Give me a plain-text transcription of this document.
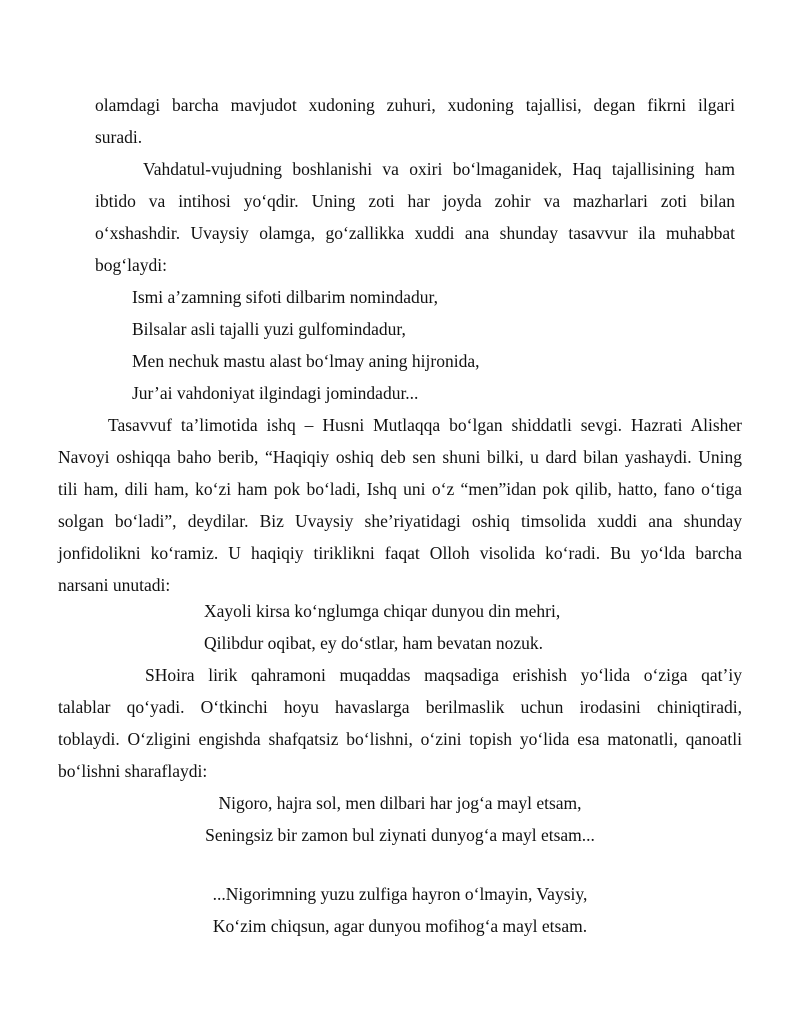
olamdagi barcha mavjudot xudoning zuhuri, xudoning tajallisi, degan fikrni ilgari
suradi.
Vahdatul-vujudning boshlanishi va oxiri bo‘lmaganidek, Haq tajallisining ham
ibtido va intihosi yo‘qdir. Uning zoti har joyda zohir va mazharlari zoti bilan
o‘xshashdir. Uvaysiy olamga, go‘zallikka xuddi ana shunday tasavvur ila muhabbat
bog‘laydi:
Ismi a’zamning sifoti dilbarim nomindadur,
Bilsalar asli tajalli yuzi gulfomindadur,
Men nechuk mastu alast bo‘lmay aning hijronida,
Jur’ai vahdoniyat ilgindagi jomindadur...
Tasavvuf ta’limotida ishq – Husni Mutlaqqa bo‘lgan shiddatli sevgi. Hazrati Alisher
Navoyi oshiqqa baho berib, “Haqiqiy oshiq deb sen shuni bilki, u dard bilan yashaydi. Uning
tili ham, dili ham, ko‘zi ham pok bo‘ladi, Ishq uni o‘z “men”idan pok qilib, hatto, fano o‘tiga
solgan bo‘ladi”, deydilar. Biz Uvaysiy she’riyatidagi oshiq timsolida xuddi ana shunday
jonfidolikni ko‘ramiz. U haqiqiy tiriklikni faqat Olloh visolida ko‘radi. Bu yo‘lda barcha
narsani unutadi:
Xayoli kirsa ko‘nglumga chiqar dunyou din mehri,
Qilibdur oqibat, ey do‘stlar, ham bevatan nozuk.
SHoira lirik qahramoni muqaddas maqsadiga erishish yo‘lida o‘ziga qat’iy
talablar qo‘yadi. O‘tkinchi hoyu havaslarga berilmaslik uchun irodasini chiniqtiradi,
toblaydi. O‘zligini engishda shafqatsiz bo‘lishni, o‘zini topish yo‘lida esa matonatli, qanoatli
bo‘lishni sharaflaydi:
Nigoro, hajra sol, men dilbari har jog‘a mayl etsam,
Seningsiz bir zamon bul ziynati dunyog‘a mayl etsam...
...Nigorimning yuzu zulfiga hayron o‘lmayin, Vaysiy,
Ko‘zim chiqsun, agar dunyou mofihog‘a mayl etsam.
